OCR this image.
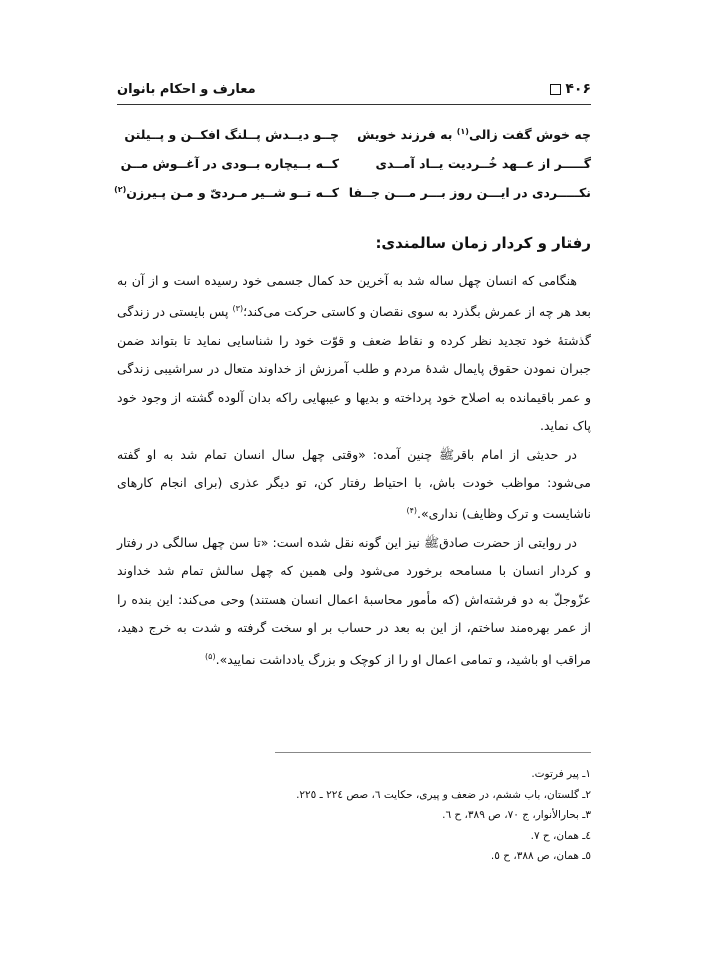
۴۰۶
معارف و احکام بانوان
چه خوش گفت زالی$^{(۱)}$ به فرزند خویش
چــو دیــدش پــلنگ افکــن و پــیلتن
گـــــر از عــهد خُــردیت یــاد آمــدی
کــه بــیچاره بــودی در آغــوش مــن
نکـــــردی در ایـــن روز بـــر مـــن جــفا
کــه تــو شــیر مـردیّ و مـن پـیرزن$^{(۲)}$
رفتار و کردار زمان سالمندی:

هنگامی که انسان چهل ساله شد به آخرین حد کمال جسمی خود رسیده است و از آن به بعد هر چه از عمرش بگذرد به سوی نقصان و کاستی حرکت می‌کند؛$^{(۳)}$ پس بایستی در زندگی گذشتهٔ خود تجدید نظر کرده و نقاط ضعف و قوّت خود را شناسایی نماید تا بتواند ضمن جبران نمودن حقوق پایمال شدهٔ مردم و طلب آمرزش از خداوند متعال در سراشیبی زندگی و عمر باقیمانده به اصلاح خود پرداخته و بدیها و عیبهایی راکه بدان آلوده گشته از وجود خود پاک نماید.

در حدیثی از امام باقرﷺ چنین آمده: «وقتی چهل سال انسان تمام شد به او گفته می‌شود: مواظب خودت باش، با احتیاط رفتار کن، تو دیگر عذری (برای انجام کارهای ناشایست و ترک وظایف) نداری».$^{(۴)}$

در روایتی از حضرت صادقﷺ نیز این گونه نقل شده است: «تا سن چهل سالگی در رفتار و کردار انسان با مسامحه برخورد می‌شود ولی همین که چهل سالش تمام شد خداوند عزّوجلّ به دو فرشته‌اش (که مأمور محاسبهٔ اعمال انسان هستند) وحی می‌کند: این بنده را از عمر بهره‌مند ساختم، از این به بعد در حساب بر او سخت گرفته و شدت به خرج دهید، مراقب او باشید، و تمامی اعمال او را از کوچک و بزرگ یادداشت نمایید».$^{(۵)}$

١ـ پیر فرتوت.
٢ـ گلستان، باب ششم، در ضعف و پیری، حکایت ٦، صص ٢٢٤ ـ ٢٢٥.
٣ـ بحارالأنوار، ج ٧٠، ص ٣٨٩، ح ٦.
٤ـ همان، ح ٧.
٥ـ همان، ص ٣٨٨، ح ٥.
